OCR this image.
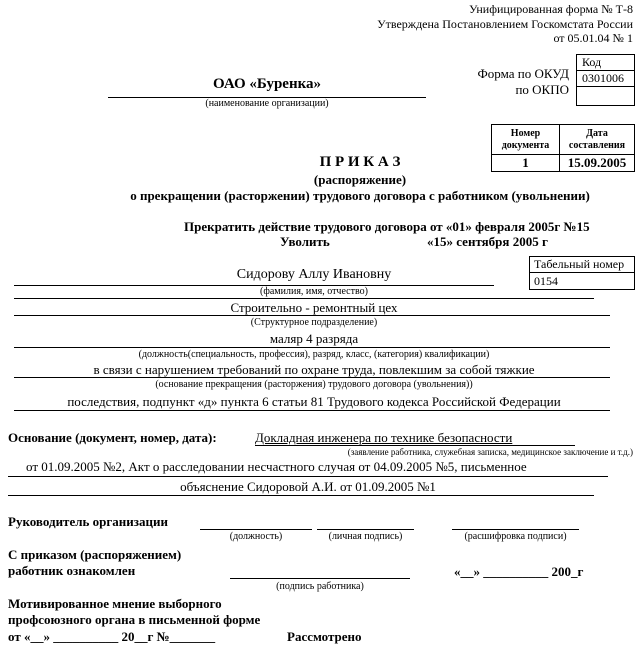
Унифицированная форма № Т-8
Утверждена Постановлением Госкомстата России
от 05.01.04 № 1
ОАО «Буренка»
(наименование организации)
Форма по ОКУД
по ОКПО
Код
0301006

Номер документа	Дата составления
1	15.09.2005
П Р И К А З
(распоряжение)
о прекращении (расторжении) трудового договора с работником (увольнении)
Прекратить действие трудового договора от «01» февраля 2005г №15
Уволить	«15» сентября 2005 г
Табельный номер
0154
Сидорову Аллу Ивановну
(фамилия, имя, отчество)
Строительно - ремонтный цех
(Структурное подразделение)
маляр 4 разряда
(должность(специальность, профессия), разряд, класс, (категория) квалификации)
в связи с нарушением требований по охране труда, повлекшим за собой тяжкие
(основание прекращения (расторжения) трудового договора (увольнения))
последствия, подпункт «д» пункта 6 статьи 81 Трудового кодекса Российской Федерации
Основание (документ, номер, дата):	Докладная инженера по технике безопасности
(заявление работника, служебная записка, медицинское заключение и т.д.)
от 01.09.2005 №2, Акт о расследовании несчастного случая от 04.09.2005 №5, письменное
объяснение Сидоровой А.И. от 01.09.2005 №1
Руководитель организации
(должность)	(личная подпись)	(расшифровка подписи)
С приказом (распоряжением)
работник ознакомлен
(подпись работника)
«__» __________ 200_г
Мотивированное мнение выборного
профсоюзного органа в письменной форме
от «__» __________ 20__г №_______	Рассмотрено
